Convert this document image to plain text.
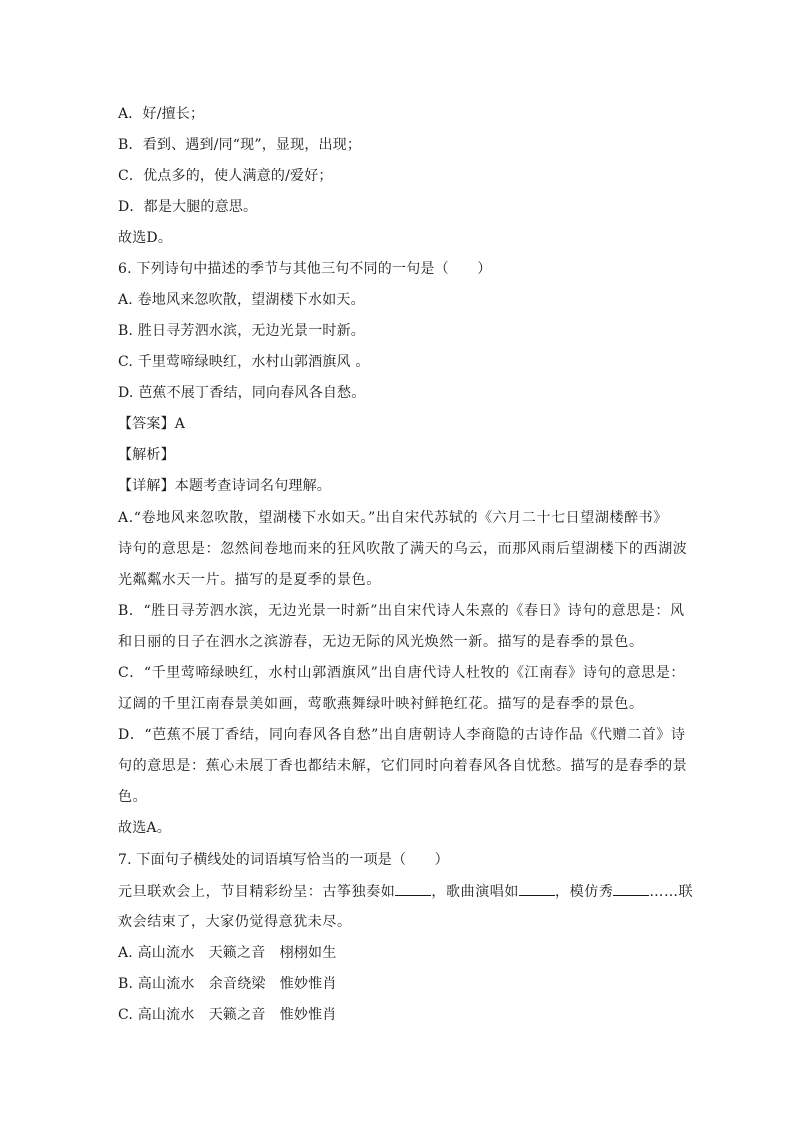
A．好/擅长；
B．看到、遇到/同“现”，显现，出现；
C．优点多的，使人满意的/爱好；
D．都是大腿的意思。
故选D。
6. 下列诗句中描述的季节与其他三句不同的一句是（　　）
A. 卷地风来忽吹散，望湖楼下水如天。
B. 胜日寻芳泗水滨，无边光景一时新。
C. 千里莺啼绿映红，水村山郭酒旗风 。
D. 芭蕉不展丁香结，同向春风各自愁。
【答案】A
【解析】
【详解】本题考查诗词名句理解。
A.“卷地风来忽吹散，望湖楼下水如天。”出自宋代苏轼的《六月二十七日望湖楼醉书》
诗句的意思是：忽然间卷地而来的狂风吹散了满天的乌云，而那风雨后望湖楼下的西湖波
光粼粼水天一片。描写的是夏季的景色。
B．“胜日寻芳泗水滨，无边光景一时新”出自宋代诗人朱熹的《春日》诗句的意思是：风
和日丽的日子在泗水之滨游春，无边无际的风光焕然一新。描写的是春季的景色。
C．“千里莺啼绿映红，水村山郭酒旗风”出自唐代诗人杜牧的《江南春》诗句的意思是：
辽阔的千里江南春景美如画，莺歌燕舞绿叶映衬鲜艳红花。描写的是春季的景色。
D．“芭蕉不展丁香结，同向春风各自愁”出自唐朝诗人李商隐的古诗作品《代赠二首》诗
句的意思是：蕉心未展丁香也都结未解，它们同时向着春风各自忧愁。描写的是春季的景
色。
故选A。
7. 下面句子横线处的词语填写恰当的一项是（　　）
元旦联欢会上，节目精彩纷呈：古筝独奏如	，歌曲演唱如	，模仿秀	……联
欢会结束了，大家仍觉得意犹未尽。
A. 高山流水　天籁之音　栩栩如生
B. 高山流水　余音绕梁　惟妙惟肖
C. 高山流水　天籁之音　惟妙惟肖
